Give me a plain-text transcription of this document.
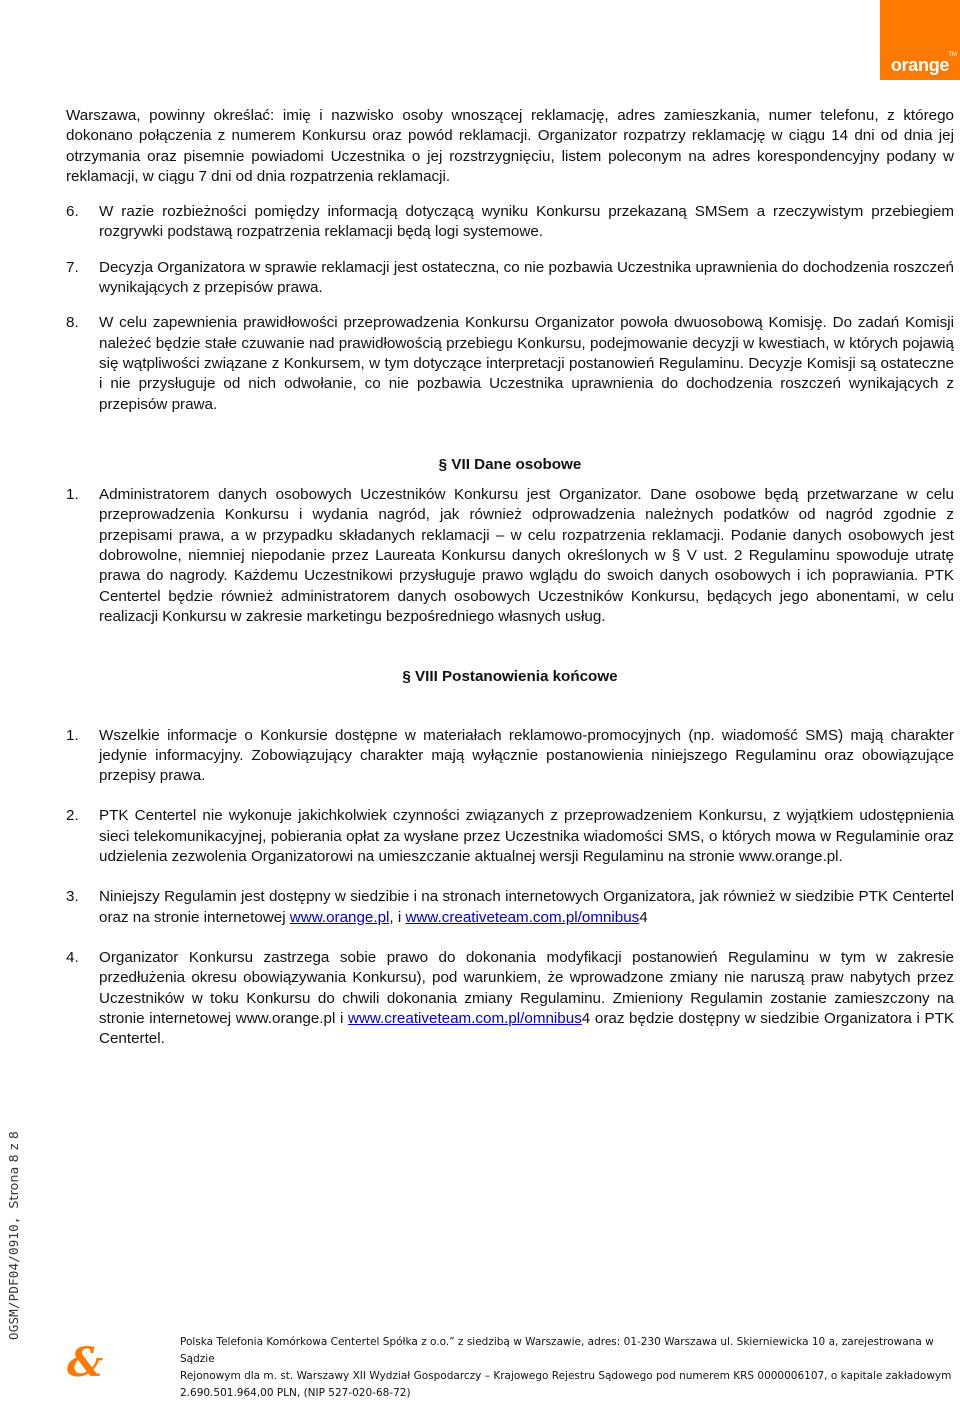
orange TM

Warszawa, powinny określać: imię i nazwisko osoby wnoszącej reklamację, adres zamieszkania, numer telefonu, z którego dokonano połączenia z numerem Konkursu oraz powód reklamacji. Organizator rozpatrzy reklamację w ciągu 14 dni od dnia jej otrzymania oraz pisemnie powiadomi Uczestnika o jej rozstrzygnięciu, listem poleconym na adres korespondencyjny podany w reklamacji, w ciągu 7 dni od dnia rozpatrzenia reklamacji.

6.	W razie rozbieżności pomiędzy informacją dotyczącą wyniku Konkursu przekazaną SMSem a rzeczywistym przebiegiem rozgrywki podstawą rozpatrzenia reklamacji będą logi systemowe.
7.	Decyzja Organizatora w sprawie reklamacji jest ostateczna, co nie pozbawia Uczestnika uprawnienia do dochodzenia roszczeń wynikających z przepisów prawa.
8.	W celu zapewnienia prawidłowości przeprowadzenia Konkursu Organizator powoła dwuosobową Komisję. Do zadań Komisji należeć będzie stałe czuwanie nad prawidłowością przebiegu Konkursu, podejmowanie decyzji w kwestiach, w których pojawią się wątpliwości związane z Konkursem, w tym dotyczące interpretacji postanowień Regulaminu. Decyzje Komisji są ostateczne i nie przysługuje od nich odwołanie, co nie pozbawia Uczestnika uprawnienia do dochodzenia roszczeń wynikających z przepisów prawa.

§ VII Dane osobowe

1.	Administratorem danych osobowych Uczestników Konkursu jest Organizator. Dane osobowe będą przetwarzane w celu przeprowadzenia Konkursu i wydania nagród, jak również odprowadzenia należnych podatków od nagród zgodnie z przepisami prawa, a w przypadku składanych reklamacji – w celu rozpatrzenia reklamacji. Podanie danych osobowych jest dobrowolne, niemniej niepodanie przez Laureata Konkursu danych określonych w § V ust. 2 Regulaminu spowoduje utratę prawa do nagrody. Każdemu Uczestnikowi przysługuje prawo wglądu do swoich danych osobowych i ich poprawiania. PTK Centertel będzie również administratorem danych osobowych Uczestników Konkursu, będących jego abonentami, w celu realizacji Konkursu w zakresie marketingu bezpośredniego własnych usług.

§ VIII Postanowienia końcowe

1.	Wszelkie informacje o Konkursie dostępne w materiałach reklamowo-promocyjnych (np. wiadomość SMS) mają charakter jedynie informacyjny. Zobowiązujący charakter mają wyłącznie postanowienia niniejszego Regulaminu oraz obowiązujące przepisy prawa.
2.	PTK Centertel nie wykonuje jakichkolwiek czynności związanych z przeprowadzeniem Konkursu, z wyjątkiem udostępnienia sieci telekomunikacyjnej, pobierania opłat za wysłane przez Uczestnika wiadomości SMS, o których mowa w Regulaminie oraz udzielenia zezwolenia Organizatorowi na umieszczanie aktualnej wersji Regulaminu na stronie www.orange.pl.
3.	Niniejszy Regulamin jest dostępny w siedzibie i na stronach internetowych Organizatora, jak również w siedzibie PTK Centertel oraz na stronie internetowej www.orange.pl, i www.creativeteam.com.pl/omnibus4
4.	Organizator Konkursu zastrzega sobie prawo do dokonania modyfikacji postanowień Regulaminu w tym w zakresie przedłużenia okresu obowiązywania Konkursu), pod warunkiem, że wprowadzone zmiany nie naruszą praw nabytych przez Uczestników w toku Konkursu do chwili dokonania zmiany Regulaminu. Zmieniony Regulamin zostanie zamieszczony na stronie internetowej www.orange.pl i www.creativeteam.com.pl/omnibus4 oraz będzie dostępny w siedzibie Organizatora i PTK Centertel.
OGSM/PDF04/0910, Strona 8 z 8
&	Polska Telefonia Komórkowa Centertel Spółka z o.o.” z siedzibą w Warszawie, adres: 01-230 Warszawa ul. Skierniewicka 10 a, zarejestrowana w Sądzie
Rejonowym dla m. st. Warszawy XII Wydział Gospodarczy – Krajowego Rejestru Sądowego pod numerem KRS 0000006107, o kapitale zakładowym
2.690.501.964,00 PLN, (NIP 527-020-68-72)
